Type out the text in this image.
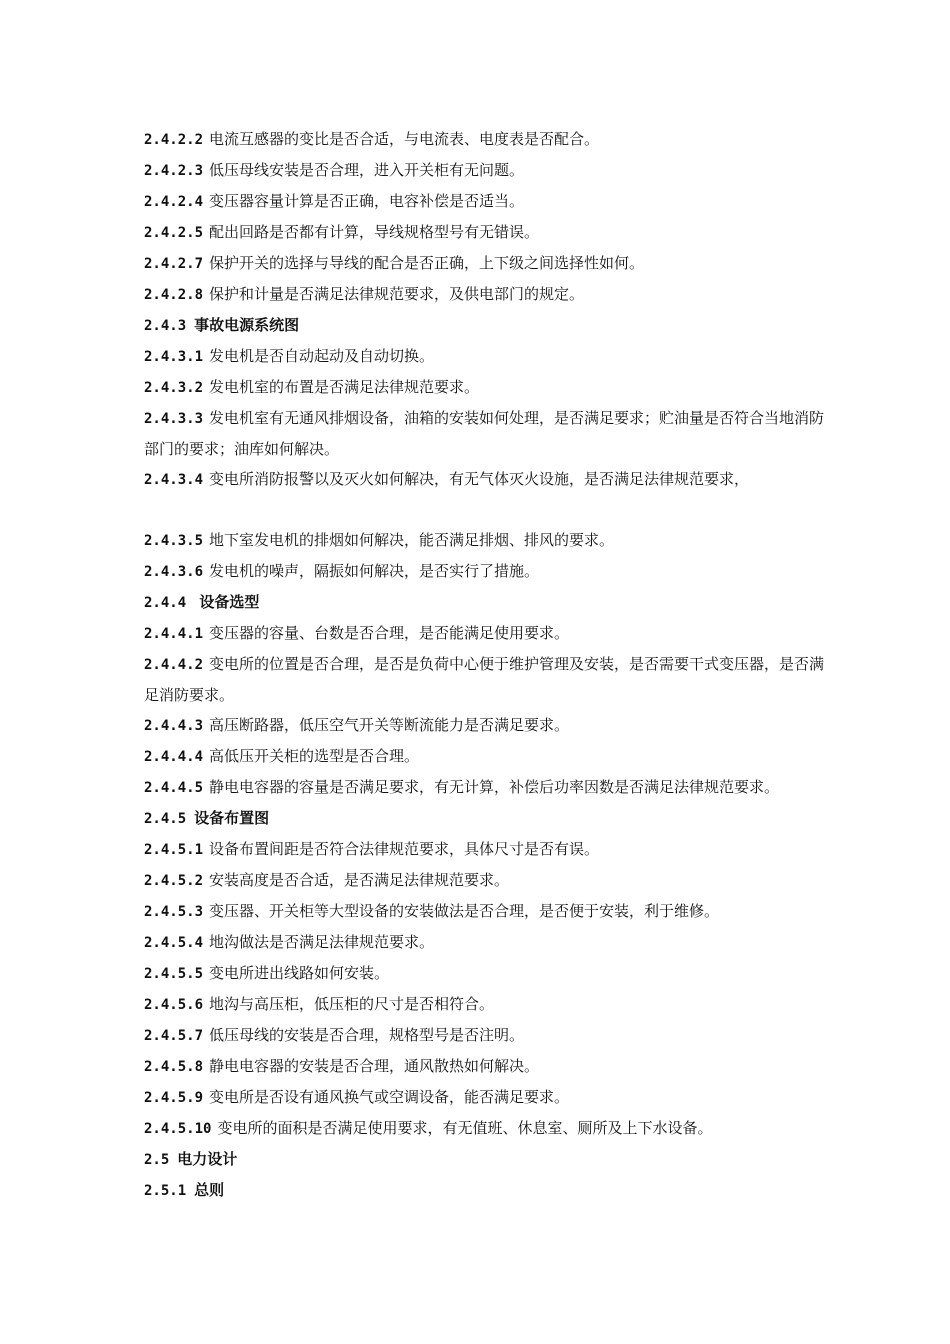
2.4.2.2 电流互感器的变比是否合适，与电流表、电度表是否配合。

2.4.2.3 低压母线安装是否合理，进入开关柜有无问题。

2.4.2.4 变压器容量计算是否正确，电容补偿是否适当。

2.4.2.5 配出回路是否都有计算，导线规格型号有无错误。

2.4.2.7 保护开关的选择与导线的配合是否正确，上下级之间选择性如何。

2.4.2.8 保护和计量是否满足法律规范要求，及供电部门的规定。

2.4.3 事故电源系统图

2.4.3.1 发电机是否自动起动及自动切换。

2.4.3.2 发电机室的布置是否满足法律规范要求。

2.4.3.3 发电机室有无通风排烟设备，油箱的安装如何处理，是否满足要求；贮油量是否符合当地消防部门的要求；油库如何解决。

2.4.3.4 变电所消防报警以及灭火如何解决，有无气体灭火设施，是否满足法律规范要求，

2.4.3.5 地下室发电机的排烟如何解决，能否满足排烟、排风的要求。

2.4.3.6 发电机的噪声，隔振如何解决，是否实行了措施。

2.4.4 设备选型

2.4.4.1 变压器的容量、台数是否合理，是否能满足使用要求。

2.4.4.2 变电所的位置是否合理，是否是负荷中心便于维护管理及安装，是否需要干式变压器，是否满足消防要求。

2.4.4.3 高压断路器，低压空气开关等断流能力是否满足要求。

2.4.4.4 高低压开关柜的选型是否合理。

2.4.4.5 静电电容器的容量是否满足要求，有无计算，补偿后功率因数是否满足法律规范要求。

2.4.5 设备布置图

2.4.5.1 设备布置间距是否符合法律规范要求，具体尺寸是否有误。

2.4.5.2 安装高度是否合适，是否满足法律规范要求。

2.4.5.3 变压器、开关柜等大型设备的安装做法是否合理，是否便于安装，利于维修。

2.4.5.4 地沟做法是否满足法律规范要求。

2.4.5.5 变电所进出线路如何安装。

2.4.5.6 地沟与高压柜，低压柜的尺寸是否相符合。

2.4.5.7 低压母线的安装是否合理，规格型号是否注明。

2.4.5.8 静电电容器的安装是否合理，通风散热如何解决。

2.4.5.9 变电所是否设有通风换气或空调设备，能否满足要求。

2.4.5.10 变电所的面积是否满足使用要求，有无值班、休息室、厕所及上下水设备。

2.5 电力设计

2.5.1 总则
